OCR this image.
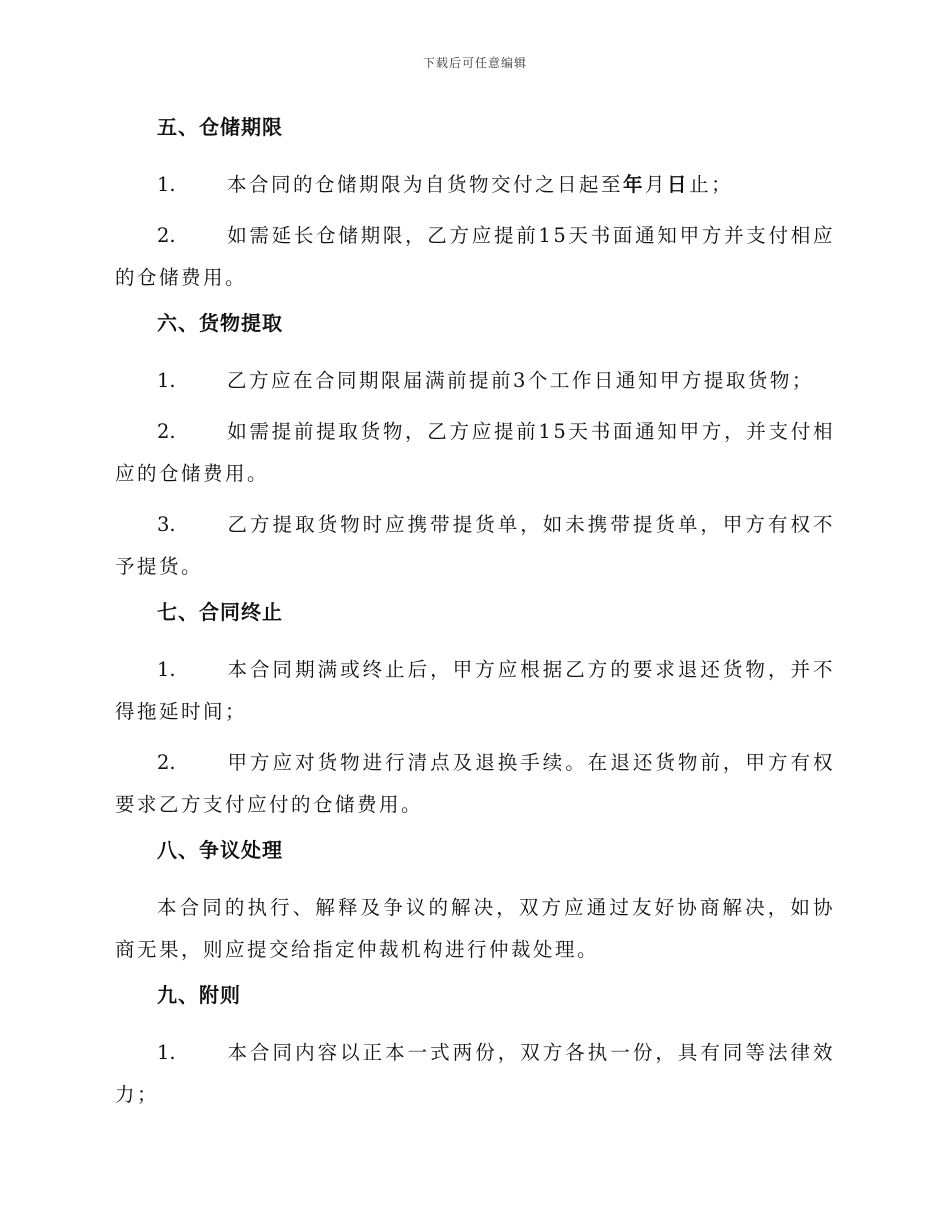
下载后可任意编辑
五、仓储期限
1.	本合同的仓储期限为自货物交付之日起至年月日止；
2.	如需延长仓储期限，乙方应提前15天书面通知甲方并支付相应的仓储费用。
六、货物提取
1.	乙方应在合同期限届满前提前3个工作日通知甲方提取货物；
2.	如需提前提取货物，乙方应提前15天书面通知甲方，并支付相应的仓储费用。
3.	乙方提取货物时应携带提货单，如未携带提货单，甲方有权不予提货。
七、合同终止
1.	本合同期满或终止后，甲方应根据乙方的要求退还货物，并不得拖延时间；
2.	甲方应对货物进行清点及退换手续。在退还货物前，甲方有权要求乙方支付应付的仓储费用。
八、争议处理
本合同的执行、解释及争议的解决，双方应通过友好协商解决，如协商无果，则应提交给指定仲裁机构进行仲裁处理。
九、附则
1.	本合同内容以正本一式两份，双方各执一份，具有同等法律效力；
